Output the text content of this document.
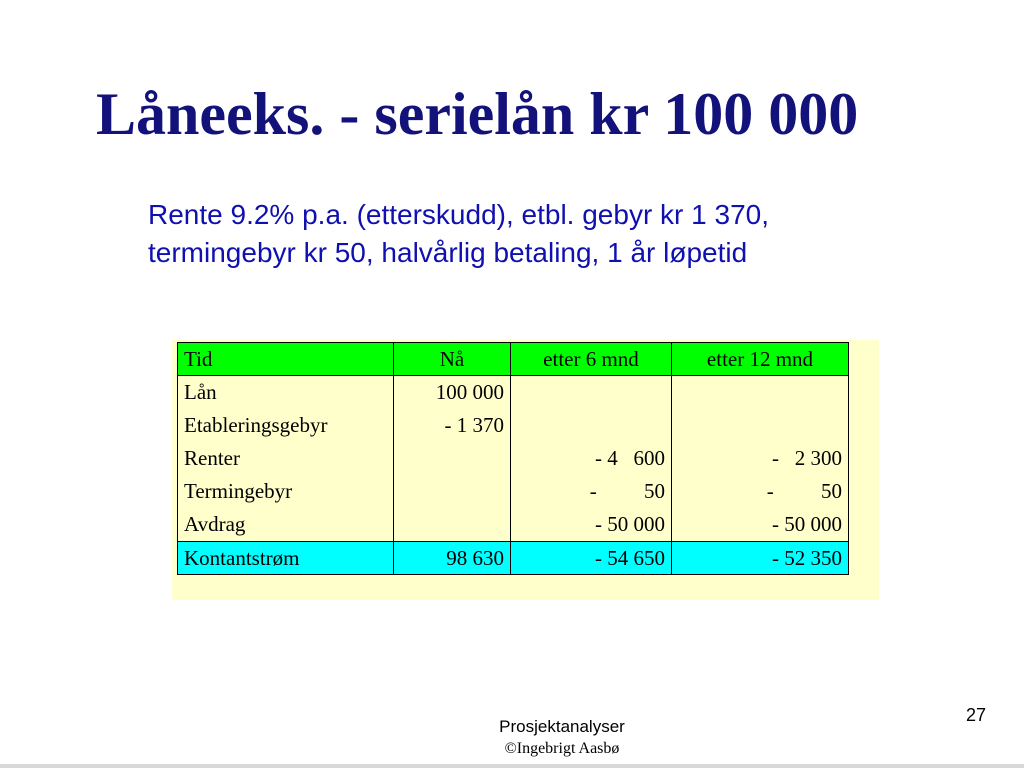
Låneeks. - serielån kr 100 000
Rente 9.2% p.a. (etterskudd), etbl. gebyr kr 1 370,
termingebyr kr 50, halvårlig betaling, 1 år løpetid
Tid	Nå	etter 6 mnd	etter 12 mnd
Lån	100 000		
Etableringsgebyr	- 1 370		
Renter		- 4   600	-   2 300
Termingebyr		-         50	-         50
Avdrag		- 50 000	- 50 000
Kontantstrøm	98 630	- 54 650	- 52 350
27
Prosjektanalyser
©Ingebrigt Aasbø
